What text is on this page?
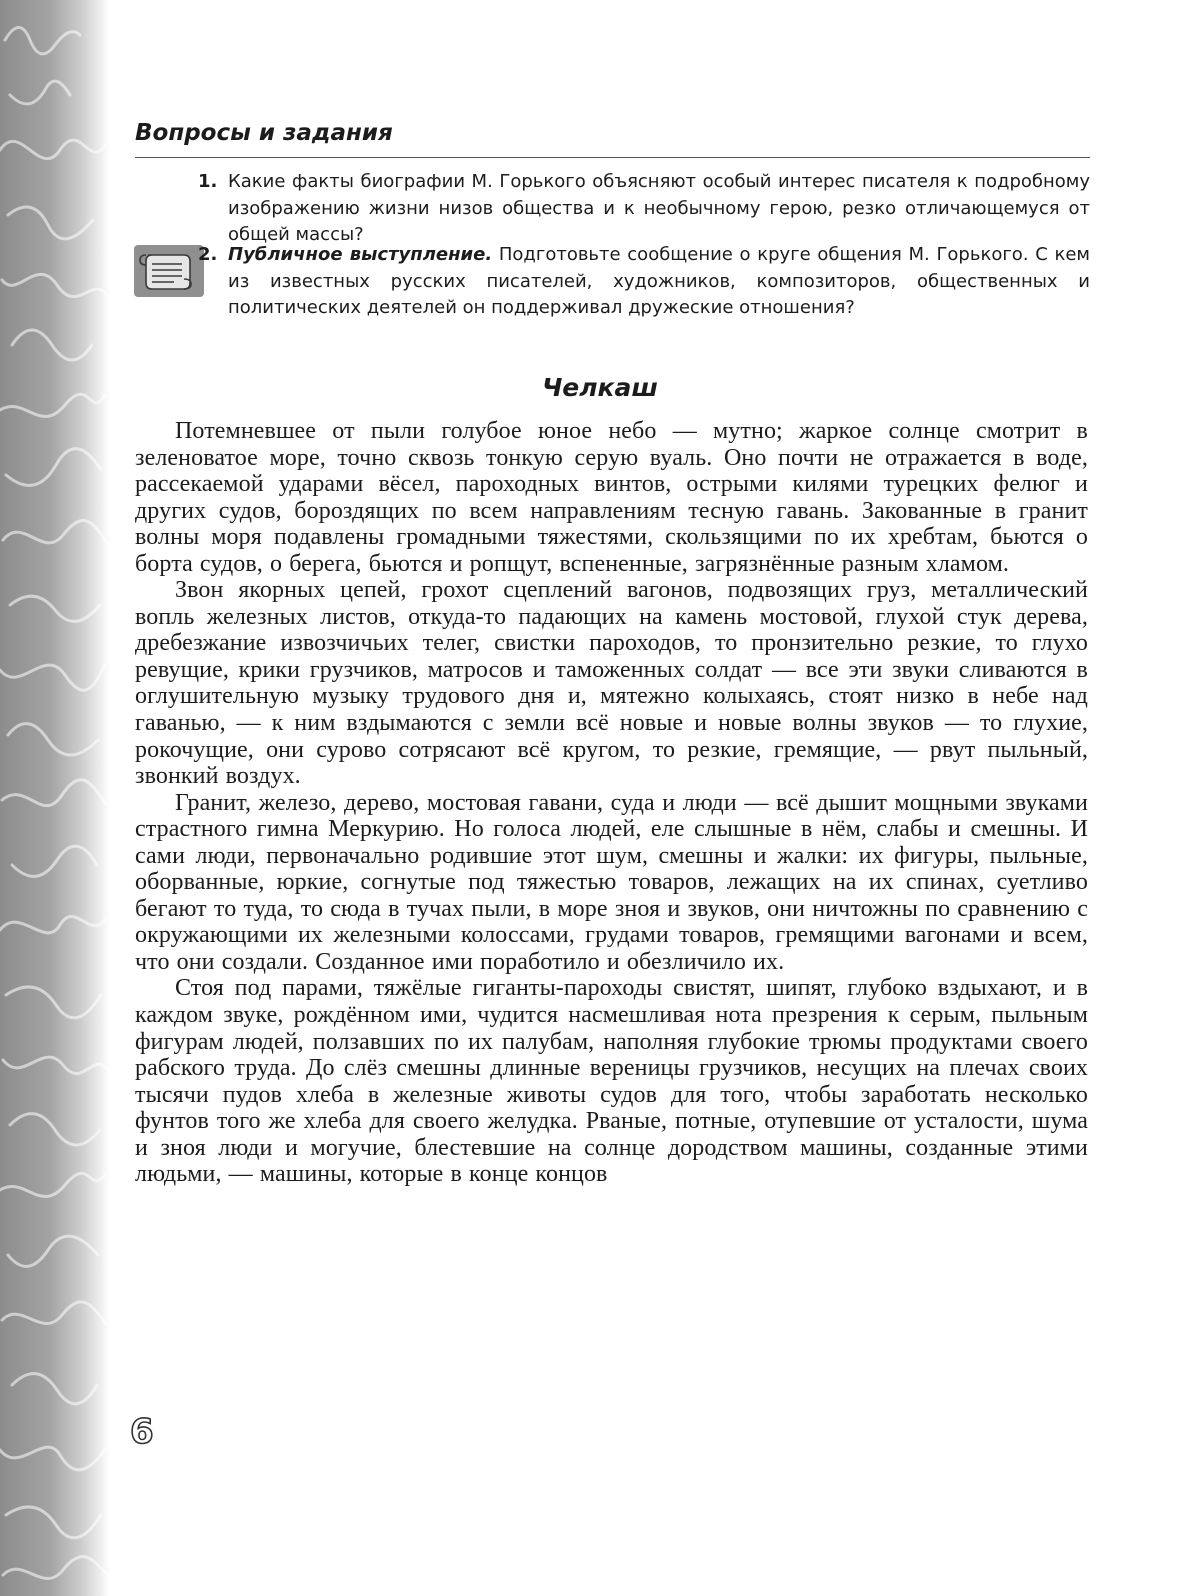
Вопросы и задания
1. Какие факты биографии М. Горького объясняют особый интерес писателя к подробному изображению жизни низов общества и к необычному герою, резко отличающемуся от общей массы?
2. Публичное выступление. Подготовьте сообщение о круге общения М. Горького. С кем из известных русских писателей, художников, композиторов, общественных и политических деятелей он поддерживал дружеские отношения?
Челкаш

Потемневшее от пыли голубое юное небо — мутно; жаркое солнце смотрит в зеленоватое море, точно сквозь тонкую серую вуаль. Оно почти не отражается в воде, рассекаемой ударами вёсел, пароходных винтов, острыми килями турецких фелюг и других судов, бороздящих по всем направлениям тесную гавань. Закованные в гранит волны моря подавлены громадными тяжестями, скользящими по их хребтам, бьются о борта судов, о берега, бьются и ропщут, вспененные, загрязнённые разным хламом.

Звон якорных цепей, грохот сцеплений вагонов, подвозящих груз, металлический вопль железных листов, откуда-то падающих на камень мостовой, глухой стук дерева, дребезжание извозчичьих телег, свистки пароходов, то пронзительно резкие, то глухо ревущие, крики грузчиков, матросов и таможенных солдат — все эти звуки сливаются в оглушительную музыку трудового дня и, мятежно колыхаясь, стоят низко в небе над гаванью, — к ним вздымаются с земли всё новые и новые волны звуков — то глухие, рокочущие, они сурово сотрясают всё кругом, то резкие, гремящие, — рвут пыльный, звонкий воздух.

Гранит, железо, дерево, мостовая гавани, суда и люди — всё дышит мощными звуками страстного гимна Меркурию. Но голоса людей, еле слышные в нём, слабы и смешны. И сами люди, первоначально родившие этот шум, смешны и жалки: их фигуры, пыльные, оборванные, юркие, согнутые под тяжестью товаров, лежащих на их спинах, суетливо бегают то туда, то сюда в тучах пыли, в море зноя и звуков, они ничтожны по сравнению с окружающими их железными колоссами, грудами товаров, гремящими вагонами и всем, что они создали. Созданное ими поработило и обезличило их.

Стоя под парами, тяжёлые гиганты-пароходы свистят, шипят, глубоко вздыхают, и в каждом звуке, рождённом ими, чудится насмешливая нота презрения к серым, пыльным фигурам людей, ползавших по их палубам, наполняя глубокие трюмы продуктами своего рабского труда. До слёз смешны длинные вереницы грузчиков, несущих на плечах своих тысячи пудов хлеба в железные животы судов для того, чтобы заработать несколько фунтов того же хлеба для своего желудка. Рваные, потные, отупевшие от усталости, шума и зноя люди и могучие, блестевшие на солнце дородством машины, созданные этими людьми, — машины, которые в конце концов

6
